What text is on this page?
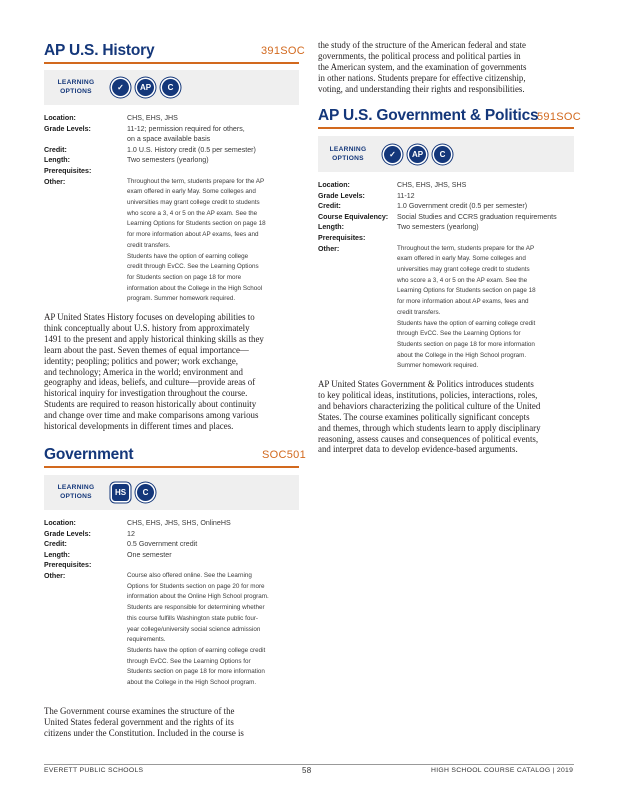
AP U.S. History	391SOC
LEARNING
OPTIONS	✓	AP	C
Location:	CHS, EHS, JHS
Grade Levels:	11-12; permission required for others,
on a space available basis
Credit:	1.0 U.S. History credit (0.5 per semester)
Length:	Two semesters (yearlong)
Prerequisites:
Other:	Throughout the term, students prepare for the AP
exam offered in early May. Some colleges and
universities may grant college credit to students
who score a 3, 4 or 5 on the AP exam. See the
Learning Options for Students section on page 18
for more information about AP exams, fees and
credit transfers.
Students have the option of earning college
credit through EvCC. See the Learning Options
for Students section on page 18 for more
information about the College in the High School
program. Summer homework required.
AP United States History focuses on developing abilities to
think conceptually about U.S. history from approximately
1491 to the present and apply historical thinking skills as they
learn about the past. Seven themes of equal importance—
identity; peopling; politics and power; work exchange,
and technology; America in the world; environment and
geography and ideas, beliefs, and culture—provide areas of
historical inquiry for investigation throughout the course.
Students are required to reason historically about continuity
and change over time and make comparisons among various
historical developments in different times and places.
Government	SOC501
LEARNING
OPTIONS	HS	C
Location:	CHS, EHS, JHS, SHS, OnlineHS
Grade Levels:	12
Credit:	0.5 Government credit
Length:	One semester
Prerequisites:
Other:	Course also offered online. See the Learning
Options for Students section on page 20 for more
information about the Online High School program.
Students are responsible for determining whether
this course fulfills Washington state public four-
year college/university social science admission
requirements.
Students have the option of earning college credit
through EvCC. See the Learning Options for
Students section on page 18 for more information
about the College in the High School program.
The Government course examines the structure of the
United States federal government and the rights of its
citizens under the Constitution. Included in the course is
the study of the structure of the American federal and state
governments, the political process and political parties in
the American system, and the examination of governments
in other nations. Students prepare for effective citizenship,
voting, and understanding their rights and responsibilities.
AP U.S. Government & Politics
591SOC
LEARNING
OPTIONS	✓	AP	C
Location:	CHS, EHS, JHS, SHS
Grade Levels:	11-12
Credit:	1.0 Government credit (0.5 per semester)
Course Equivalency: Social Studies and CCRS graduation requirements
Length:	Two semesters (yearlong)
Prerequisites:
Other:	Throughout the term, students prepare for the AP
exam offered in early May. Some colleges and
universities may grant college credit to students
who score a 3, 4 or 5 on the AP exam. See the
Learning Options for Students section on page 18
for more information about AP exams, fees and
credit transfers.
Students have the option of earning college credit
through EvCC. See the Learning Options for
Students section on page 18 for more information
about the College in the High School program.
Summer homework required.
AP United States Government & Politics introduces students
to key political ideas, institutions, policies, interactions, roles,
and behaviors characterizing the political culture of the United
States. The course examines politically significant concepts
and themes, through which students learn to apply disciplinary
reasoning, assess causes and consequences of political events,
and interpret data to develop evidence-based arguments.
EVERETT PUBLIC SCHOOLS	58	HIGH SCHOOL COURSE CATALOG | 2019
